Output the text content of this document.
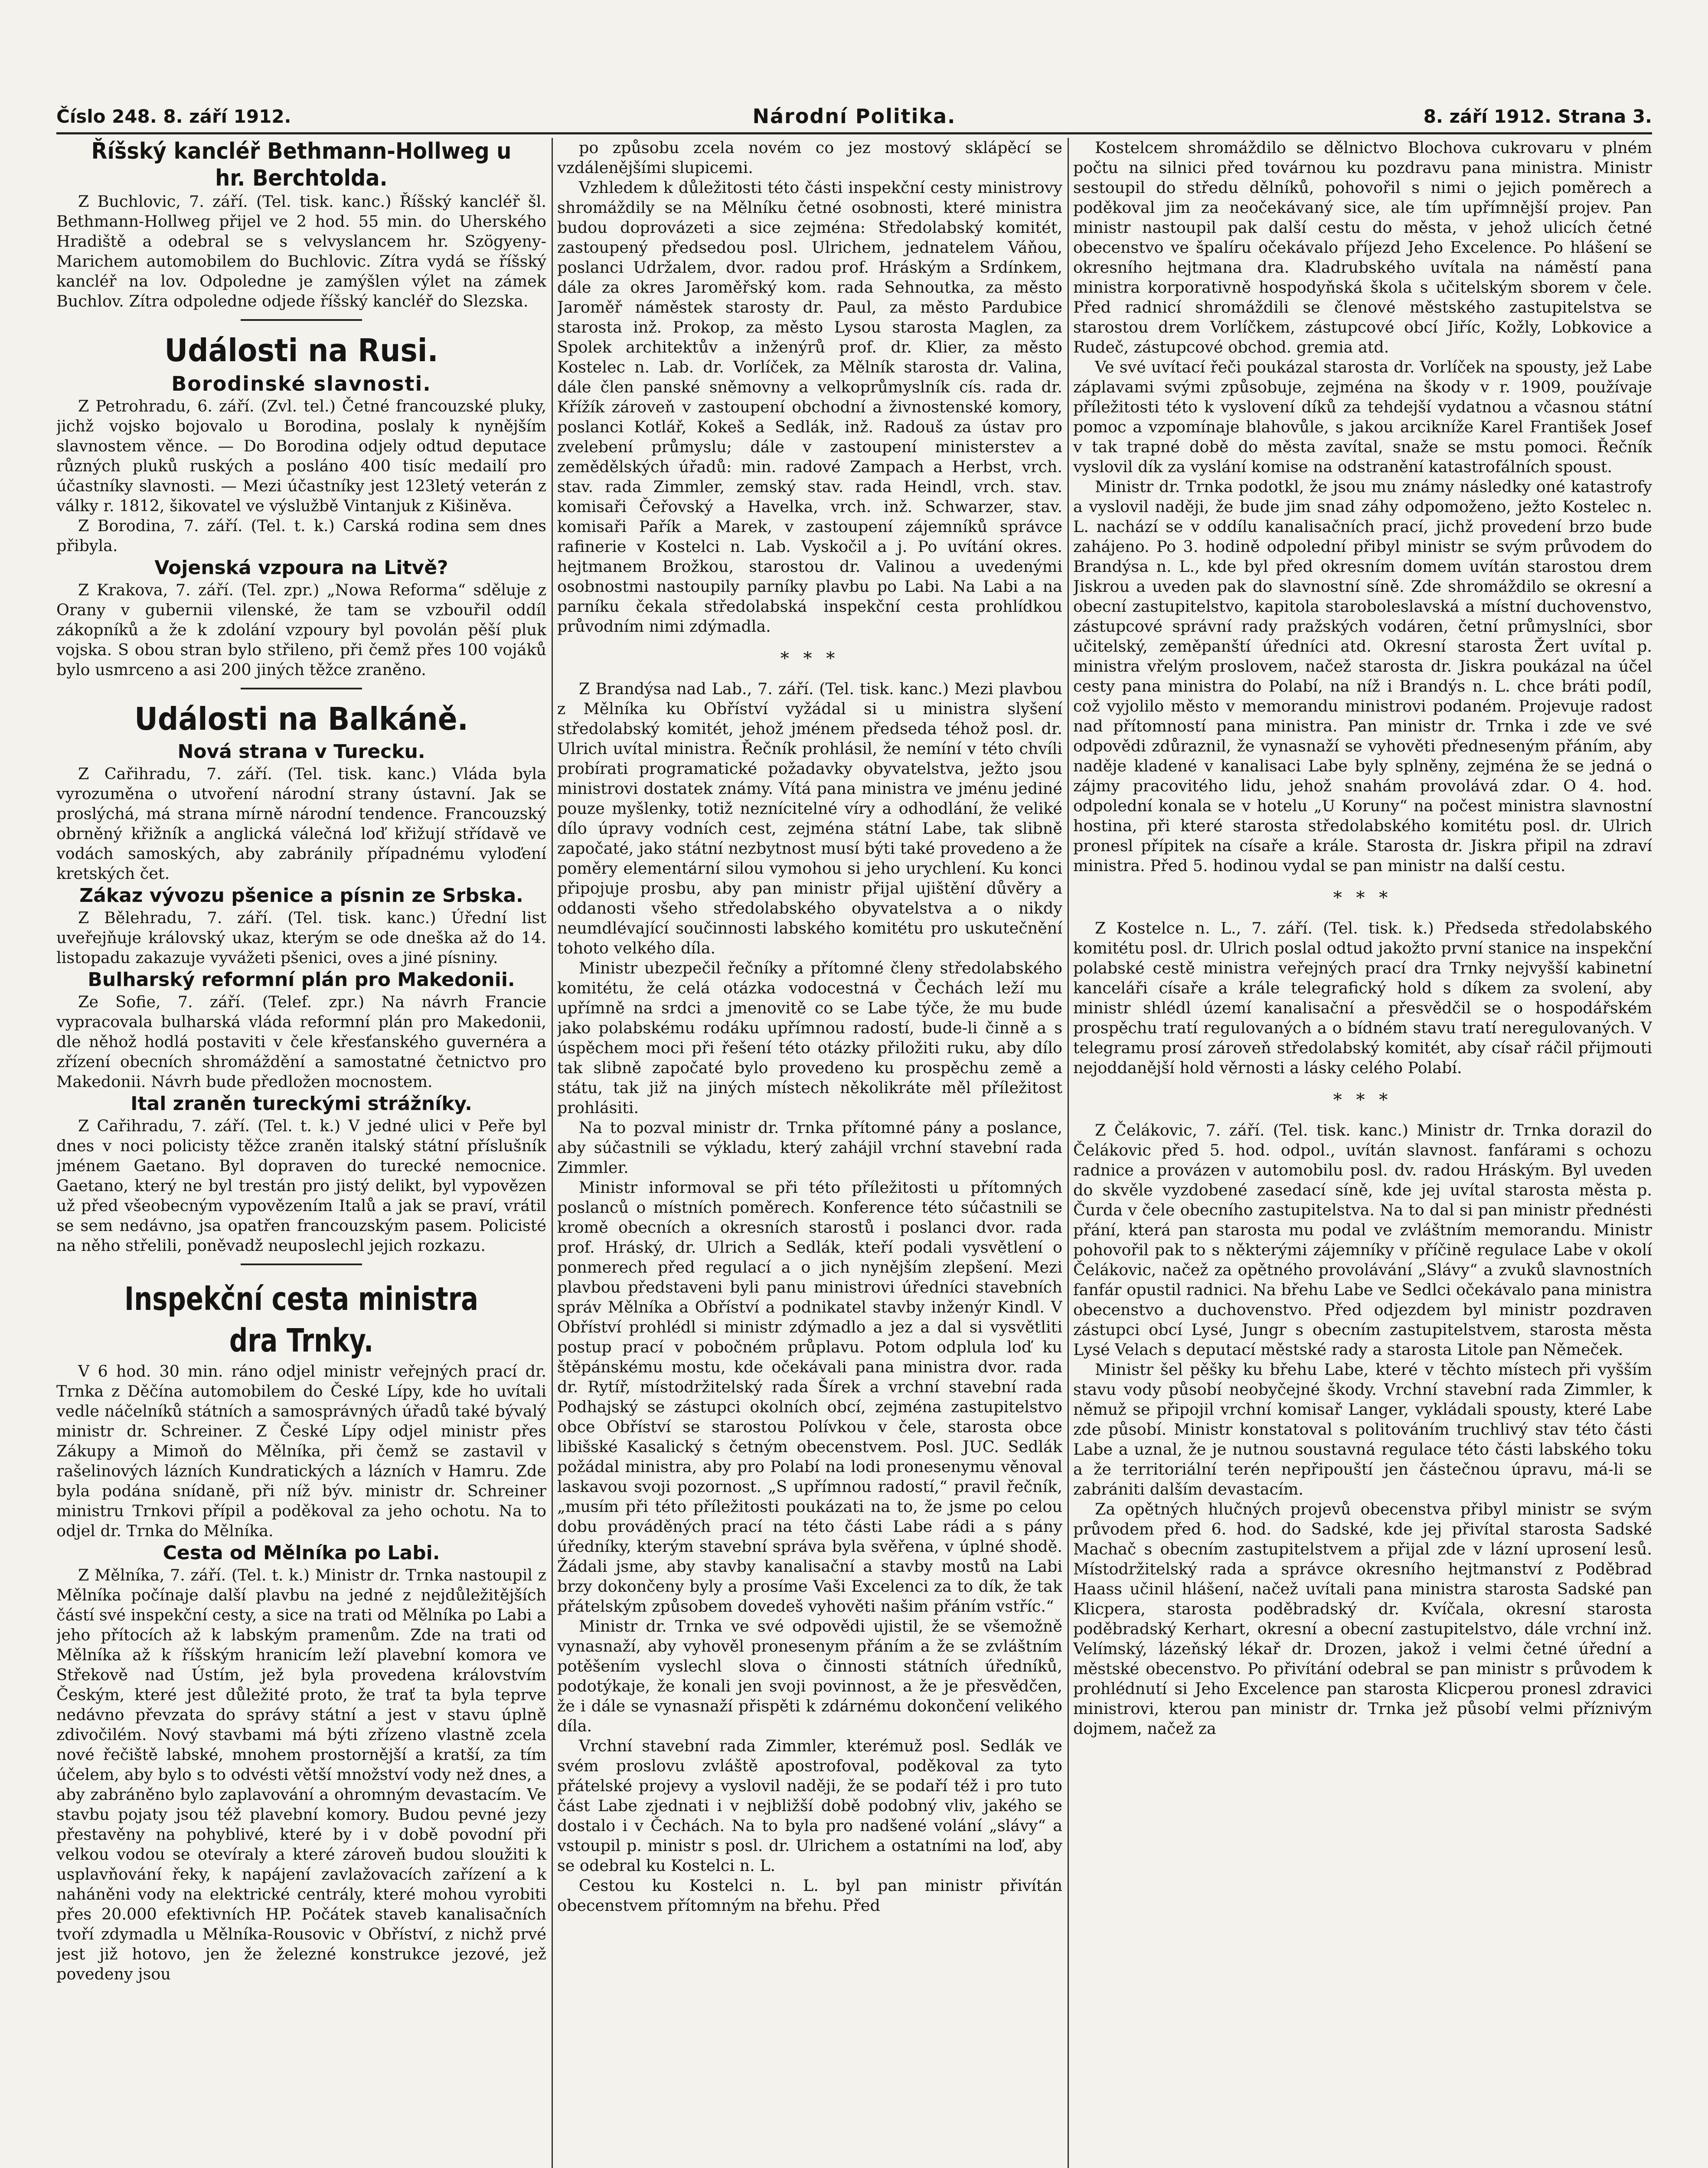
Číslo 248. 8. září 1912.	Národní Politika.	8. září 1912. Strana 3.
Říšský kancléř Bethmann-Hollweg u hr. Berchtolda.

Z Buchlovic, 7. září. (Tel. tisk. kanc.) Říšský kancléř šl. Bethmann-Hollweg přijel ve 2 hod. 55 min. do Uherského Hradiště a odebral se s velvyslancem hr. Szögyeny-Marichem automobilem do Buchlovic. Zítra vydá se říšský kancléř na lov. Odpoledne je zamýšlen výlet na zámek Buchlov. Zítra odpoledne odjede říšský kancléř do Slezska.

Události na Rusi.
Borodinské slavnosti.

Z Petrohradu, 6. září. (Zvl. tel.) Četné francouzské pluky, jichž vojsko bojovalo u Borodina, poslaly k nynějším slavnostem věnce. — Do Borodina odjely odtud deputace různých pluků ruských a posláno 400 tisíc medailí pro účastníky slavnosti. — Mezi účastníky jest 123letý veterán z války r. 1812, šikovatel ve výslužbě Vintanjuk z Kišiněva.

Z Borodina, 7. září. (Tel. t. k.) Carská rodina sem dnes přibyla.

Vojenská vzpoura na Litvě?

Z Krakova, 7. září. (Tel. zpr.) „Nowa Reforma“ sděluje z Orany v gubernii vilenské, že tam se vzbouřil oddíl zákopníků a že k zdolání vzpoury byl povolán pěší pluk vojska. S obou stran bylo střileno, při čemž přes 100 vojáků bylo usmrceno a asi 200 jiných těžce zraněno.

Události na Balkáně.
Nová strana v Turecku.

Z Cařihradu, 7. září. (Tel. tisk. kanc.) Vláda byla vyrozuměna o utvoření národní strany ústavní. Jak se proslýchá, má strana mírně národní tendence. Francouzský obrněný křižník a anglická válečná loď křižují střídavě ve vodách samoských, aby zabránily případnému vyloďení kretských čet.

Zákaz vývozu pšenice a písnin ze Srbska.

Z Bělehradu, 7. září. (Tel. tisk. kanc.) Úřední list uveřejňuje královský ukaz, kterým se ode dneška až do 14. listopadu zakazuje vyvážeti pšenici, oves a jiné písniny.

Bulharský reformní plán pro Makedonii.

Ze Sofie, 7. září. (Telef. zpr.) Na návrh Francie vypracovala bulharská vláda reformní plán pro Makedonii, dle něhož hodlá postaviti v čele křesťanského guvernéra a zřízení obecních shromáždění a samostatné četnictvo pro Makedonii. Návrh bude předložen mocnostem.

Ital zraněn tureckými strážníky.

Z Cařihradu, 7. září. (Tel. t. k.) V jedné ulici v Peře byl dnes v noci policisty těžce zraněn italský státní příslušník jménem Gaetano. Byl dopraven do turecké nemocnice. Gaetano, který ne byl trestán pro jistý delikt, byl vypovězen už před všeobecným vypovězením Italů a jak se praví, vrátil se sem nedávno, jsa opatřen francouzským pasem. Policisté na něho střelili, poněvadž neuposlechl jejich rozkazu.

Inspekční cesta ministra dra Trnky.

V 6 hod. 30 min. ráno odjel ministr veřejných prací dr. Trnka z Děčína automobilem do České Lípy, kde ho uvítali vedle náčelníků státních a samosprávných úřadů také bývalý ministr dr. Schreiner. Z České Lípy odjel ministr přes Zákupy a Mimoň do Mělníka, při čemž se zastavil v rašelinových lázních Kundratických a lázních v Hamru. Zde byla podána snídaně, při níž býv. ministr dr. Schreiner ministru Trnkovi přípil a poděkoval za jeho ochotu. Na to odjel dr. Trnka do Mělníka.

Cesta od Mělníka po Labi.

Z Mělníka, 7. září. (Tel. t. k.) Ministr dr. Trnka nastoupil z Mělníka počínaje další plavbu na jedné z nejdůležitějších částí své inspekční cesty, a sice na trati od Mělníka po Labi a jeho přítocích až k labským pramenům. Zde na trati od Mělníka až k říšským hranicím leží plavební komora ve Střekově nad Ústím, jež byla provedena královstvím Českým, které jest důležité proto, že trať ta byla teprve nedávno převzata do správy státní a jest v stavu úplně zdivočilém. Nový stavbami má býti zřízeno vlastně zcela nové řečiště labské, mnohem prostornější a kratší, za tím účelem, aby bylo s to odvésti větší množství vody než dnes, a aby zabráněno bylo zaplavování a ohromným devastacím. Ve stavbu pojaty jsou též plavební komory. Budou pevné jezy přestavěny na pohyblivé, které by i v době povodní při velkou vodou se otevíraly a které zároveň budou sloužiti k usplavňování řeky, k napájení zavlažovacích zařízení a k naháněni vody na elektrické centrály, které mohou vyrobiti přes 20.000 efektivních HP. Počátek staveb kanalisačních tvoří zdymadla u Mělníka-Rousovic v Obříství, z nichž prvé jest již hotovo, jen že železné konstrukce jezové, jež povedeny jsou

po způsobu zcela novém co jez mostový sklápěcí se vzdálenějšími slupicemi.

Vzhledem k důležitosti této části inspekční cesty ministrovy shromáždily se na Mělníku četné osobnosti, které ministra budou doprovázeti a sice zejména: Středolabský komitét, zastoupený předsedou posl. Ulrichem, jednatelem Váňou, poslanci Udržalem, dvor. radou prof. Hráským a Srdínkem, dále za okres Jaroměřský kom. rada Sehnoutka, za město Jaroměř náměstek starosty dr. Paul, za město Pardubice starosta inž. Prokop, za město Lysou starosta Maglen, za Spolek architektův a inženýrů prof. dr. Klier, za město Kostelec n. Lab. dr. Vorlíček, za Mělník starosta dr. Valina, dále člen panské sněmovny a velkoprůmyslník cís. rada dr. Křížík zároveň v zastoupení obchodní a živnostenské komory, poslanci Kotlář, Kokeš a Sedlák, inž. Radouš za ústav pro zvelebení průmyslu; dále v zastoupení ministerstev a zemědělských úřadů: min. radové Zampach a Herbst, vrch. stav. rada Zimmler, zemský stav. rada Heindl, vrch. stav. komisaři Čeřovský a Havelka, vrch. inž. Schwarzer, stav. komisaři Pařík a Marek, v zastoupení zájemníků správce rafinerie v Kostelci n. Lab. Vyskočil a j. Po uvítání okres. hejtmanem Brožkou, starostou dr. Valinou a uvedenými osobnostmi nastoupily parníky plavbu po Labi. Na Labi a na parníku čekala středolabská inspekční cesta prohlídkou průvodním nimi zdýmadla.

* * *

Z Brandýsa nad Lab., 7. září. (Tel. tisk. kanc.) Mezi plavbou z Mělníka ku Obříství vyžádal si u ministra slyšení středolabský komitét, jehož jménem předseda téhož posl. dr. Ulrich uvítal ministra. Řečník prohlásil, že nemíní v této chvíli probírati programatické požadavky obyvatelstva, ježto jsou ministrovi dostatek známy. Vítá pana ministra ve jménu jediné pouze myšlenky, totiž neznícitelné víry a odhodlání, že veliké dílo úpravy vodních cest, zejména státní Labe, tak slibně započaté, jako státní nezbytnost musí býti také provedeno a že poměry elementární silou vymohou si jeho urychlení. Ku konci připojuje prosbu, aby pan ministr přijal ujištění důvěry a oddanosti všeho středolabského obyvatelstva a o nikdy neumdlévající součinnosti labského komitétu pro uskutečnění tohoto velkého díla.

Ministr ubezpečil řečníky a přítomné členy středolabského komitétu, že celá otázka vodocestná v Čechách leží mu upřímně na srdci a jmenovitě co se Labe týče, že mu bude jako polabskému rodáku upřímnou radostí, bude-li činně a s úspěchem moci při řešení této otázky přiložiti ruku, aby dílo tak slibně započaté bylo provedeno ku prospěchu země a státu, tak již na jiných místech několikráte měl příležitost prohlásiti.

Na to pozval ministr dr. Trnka přítomné pány a poslance, aby súčastnili se výkladu, který zahájil vrchní stavební rada Zimmler.

Ministr informoval se při této příležitosti u přítomných poslanců o místních poměrech. Konference této súčastnili se kromě obecních a okresních starostů i poslanci dvor. rada prof. Hráský, dr. Ulrich a Sedlák, kteří podali vysvětlení o ponmerech před regulací a o jich nynějším zlepšení. Mezi plavbou představeni byli panu ministrovi úředníci stavebních správ Mělníka a Obříství a podnikatel stavby inženýr Kindl. V Obříství prohlédl si ministr zdýmadlo a jez a dal si vysvětliti postup prací v pobočném průplavu. Potom odplula loď ku štěpánskému mostu, kde očekávali pana ministra dvor. rada dr. Rytíř, místodržitelský rada Šírek a vrchní stavební rada Podhajský se zástupci okolních obcí, zejména zastupitelstvo obce Obříství se starostou Polívkou v čele, starosta obce libišské Kasalický s četným obecenstvem. Posl. JUC. Sedlák požádal ministra, aby pro Polabí na lodi pronesenymu věnoval laskavou svoji pozornost. „S upřímnou radostí,“ pravil řečník, „musím při této příležitosti poukázati na to, že jsme po celou dobu prováděných prací na této části Labe rádi a s pány úředníky, kterým stavební správa byla svěřena, v úplné shodě. Žádali jsme, aby stavby kanalisační a stavby mostů na Labi brzy dokončeny byly a prosíme Vaši Excelenci za to dík, že tak přátelským způsobem dovedeš vyhověti našim přáním vstříc.“

Ministr dr. Trnka ve své odpovědi ujistil, že se všemožně vynasnaží, aby vyhověl pronesenym přáním a že se zvláštním potěšením vyslechl slova o činnosti státních úředníků, podotýkaje, že konali jen svoji povinnost, a že je přesvědčen, že i dále se vynasnaží přispěti k zdárnému dokončení velikého díla.

Vrchní stavební rada Zimmler, kterémuž posl. Sedlák ve svém proslovu zvláště apostrofoval, poděkoval za tyto přátelské projevy a vyslovil naději, že se podaří též i pro tuto část Labe zjednati i v nejbližší době podobný vliv, jakého se dostalo i v Čechách. Na to byla pro nadšené volání „slávy“ a vstoupil p. ministr s posl. dr. Ulrichem a ostatními na loď, aby se odebral ku Kostelci n. L.

Cestou ku Kostelci n. L. byl pan ministr přivítán obecenstvem přítomným na břehu. Před

Kostelcem shromáždilo se dělnictvo Blochova cukrovaru v plném počtu na silnici před továrnou ku pozdravu pana ministra. Ministr sestoupil do středu dělníků, pohovořil s nimi o jejich poměrech a poděkoval jim za neočekávaný sice, ale tím upřímnější projev. Pan ministr nastoupil pak další cestu do města, v jehož ulicích četné obecenstvo ve špalíru očekávalo příjezd Jeho Excelence. Po hlášení se okresního hejtmana dra. Kladrubského uvítala na náměstí pana ministra korporativně hospodyňská škola s učitelským sborem v čele. Před radnicí shromáždili se členové městského zastupitelstva se starostou drem Vorlíčkem, zástupcové obcí Jiříc, Kožly, Lobkovice a Rudeč, zástupcové obchod. gremia atd.

Ve své uvítací řeči poukázal starosta dr. Vorlíček na spousty, jež Labe záplavami svými způsobuje, zejména na škody v r. 1909, používaje příležitosti této k vyslovení díků za tehdejší vydatnou a včasnou státní pomoc a vzpomínaje blahovůle, s jakou arcikníže Karel František Josef v tak trapné době do města zavítal, snaže se mstu pomoci. Řečník vyslovil dík za vyslání komise na odstranění katastrofálních spoust.

Ministr dr. Trnka podotkl, že jsou mu známy následky oné katastrofy a vyslovil naději, že bude jim snad záhy odpomoženo, ježto Kostelec n. L. nachází se v oddílu kanalisačních prací, jichž provedení brzo bude zahájeno. Po 3. hodině odpolední přibyl ministr se svým průvodem do Brandýsa n. L., kde byl před okresním domem uvítán starostou drem Jiskrou a uveden pak do slavnostní síně. Zde shromáždilo se okresní a obecní zastupitelstvo, kapitola staroboleslavská a místní duchovenstvo, zástupcové správní rady pražských vodáren, četní průmyslníci, sbor učitelský, zeměpanští úředníci atd. Okresní starosta Žert uvítal p. ministra vřelým proslovem, načež starosta dr. Jiskra poukázal na účel cesty pana ministra do Polabí, na níž i Brandýs n. L. chce bráti podíl, což vyjolilo město v memorandu ministrovi podaném. Projevuje radost nad přítomností pana ministra. Pan ministr dr. Trnka i zde ve své odpovědi zdůraznil, že vynasnaží se vyhověti předneseným přáním, aby naděje kladené v kanalisaci Labe byly splněny, zejména že se jedná o zájmy pracovitého lidu, jehož snahám provolává zdar. O 4. hod. odpolední konala se v hotelu „U Koruny“ na počest ministra slavnostní hostina, při které starosta středolabského komitétu posl. dr. Ulrich pronesl přípitek na císaře a krále. Starosta dr. Jiskra připil na zdraví ministra. Před 5. hodinou vydal se pan ministr na další cestu.

* * *

Z Kostelce n. L., 7. září. (Tel. tisk. k.) Předseda středolabského komitétu posl. dr. Ulrich poslal odtud jakožto první stanice na inspekční polabské cestě ministra veřejných prací dra Trnky nejvyšší kabinetní kanceláři císaře a krále telegrafický hold s díkem za svolení, aby ministr shlédl území kanalisační a přesvědčil se o hospodářském prospěchu tratí regulovaných a o bídném stavu tratí neregulovaných. V telegramu prosí zároveň středolabský komitét, aby císař ráčil přijmouti nejoddanější hold věrnosti a lásky celého Polabí.

* * *

Z Čelákovic, 7. září. (Tel. tisk. kanc.) Ministr dr. Trnka dorazil do Čelákovic před 5. hod. odpol., uvítán slavnost. fanfárami s ochozu radnice a provázen v automobilu posl. dv. radou Hráským. Byl uveden do skvěle vyzdobené zasedací síně, kde jej uvítal starosta města p. Čurda v čele obecního zastupitelstva. Na to dal si pan ministr přednésti přání, která pan starosta mu podal ve zvláštním memorandu. Ministr pohovořil pak to s některými zájemníky v příčině regulace Labe v okolí Čelákovic, načež za opětného provolávání „Slávy“ a zvuků slavnostních fanfár opustil radnici. Na břehu Labe ve Sedlci očekávalo pana ministra obecenstvo a duchovenstvo. Před odjezdem byl ministr pozdraven zástupci obcí Lysé, Jungr s obecním zastupitelstvem, starosta města Lysé Velach s deputací městské rady a starosta Litole pan Němeček.

Ministr šel pěšky ku břehu Labe, které v těchto místech při vyšším stavu vody působí neobyčejné škody. Vrchní stavební rada Zimmler, k němuž se připojil vrchní komisař Langer, vykládali spousty, které Labe zde působí. Ministr konstatoval s politováním truchlivý stav této části Labe a uznal, že je nutnou soustavná regulace této části labského toku a že territoriální terén nepřipouští jen částečnou úpravu, má-li se zabrániti dalším devastacím.

Za opětných hlučných projevů obecenstva přibyl ministr se svým průvodem před 6. hod. do Sadské, kde jej přivítal starosta Sadské Machač s obecním zastupitelstvem a přijal zde v lázní uprosení lesů. Místodržitelský rada a správce okresního hejtmanství z Poděbrad Haass učinil hlášení, načež uvítali pana ministra starosta Sadské pan Klicpera, starosta poděbradský dr. Kvíčala, okresní starosta poděbradský Kerhart, okresní a obecní zastupitelstvo, dále vrchní inž. Velímský, lázeňský lékař dr. Drozen, jakož i velmi četné úřední a městské obecenstvo. Po přivítání odebral se pan ministr s průvodem k prohlédnutí si Jeho Excelence pan starosta Klicperou pronesl zdravici ministrovi, kterou pan ministr dr. Trnka jež působí velmi příznivým dojmem, načež za
